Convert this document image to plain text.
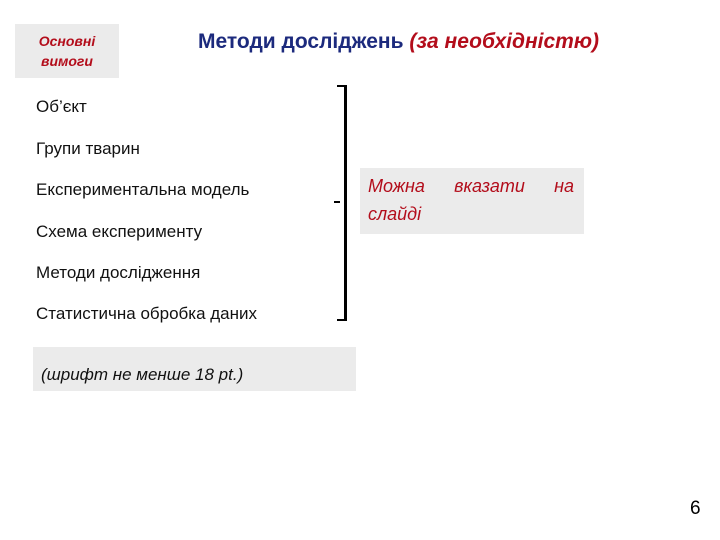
Основні
вимоги
Методи досліджень (за необхідністю)
Об’єкт
Групи тварин
Експериментальна модель
Схема експерименту
Методи дослідження
Статистична обробка даних
Можна вказати на
слайді
(шрифт не менше 18 pt.)
6
